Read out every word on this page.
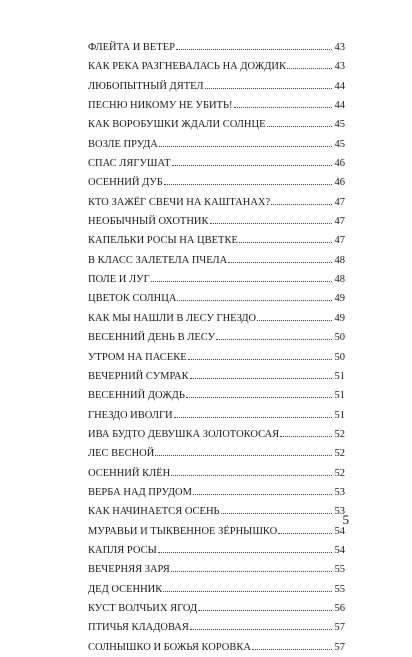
ФЛЕЙТА И ВЕТЕР	43
КАК РЕКА РАЗГНЕВАЛАСЬ НА ДОЖДИК	43
ЛЮБОПЫТНЫЙ ДЯТЕЛ	44
ПЕСНЮ НИКОМУ НЕ УБИТЬ!	44
КАК ВОРОБУШКИ ЖДАЛИ СОЛНЦЕ	45
ВОЗЛЕ ПРУДА	45
СПАС ЛЯГУШАТ	46
ОСЕННИЙ ДУБ	46
КТО ЗАЖЁГ СВЕЧИ НА КАШТАНАХ?	47
НЕОБЫЧНЫЙ ОХОТНИК	47
КАПЕЛЬКИ РОСЫ НА ЦВЕТКЕ	47
В КЛАСС ЗАЛЕТЕЛА ПЧЕЛА	48
ПОЛЕ И ЛУГ	48
ЦВЕТОК СОЛНЦА	49
КАК МЫ НАШЛИ В ЛЕСУ ГНЕЗДО	49
ВЕСЕННИЙ ДЕНЬ В ЛЕСУ	50
УТРОМ НА ПАСЕКЕ	50
ВЕЧЕРНИЙ СУМРАК	51
ВЕСЕННИЙ ДОЖДЬ	51
ГНЕЗДО ИВОЛГИ	51
ИВА БУДТО ДЕВУШКА ЗОЛОТОКОСАЯ	52
ЛЕС ВЕСНОЙ	52
ОСЕННИЙ КЛЁН	52
ВЕРБА НАД ПРУДОМ	53
КАК НАЧИНАЕТСЯ ОСЕНЬ	53
МУРАВЬИ И ТЫКВЕННОЕ ЗЁРНЫШКО	54
КАПЛЯ РОСЫ	54
ВЕЧЕРНЯЯ ЗАРЯ	55
ДЕД ОСЕННИК	55
КУСТ ВОЛЧЬИХ ЯГОД	56
ПТИЧЬЯ КЛАДОВАЯ	57
СОЛНЫШКО И БОЖЬЯ КОРОВКА	57
5
